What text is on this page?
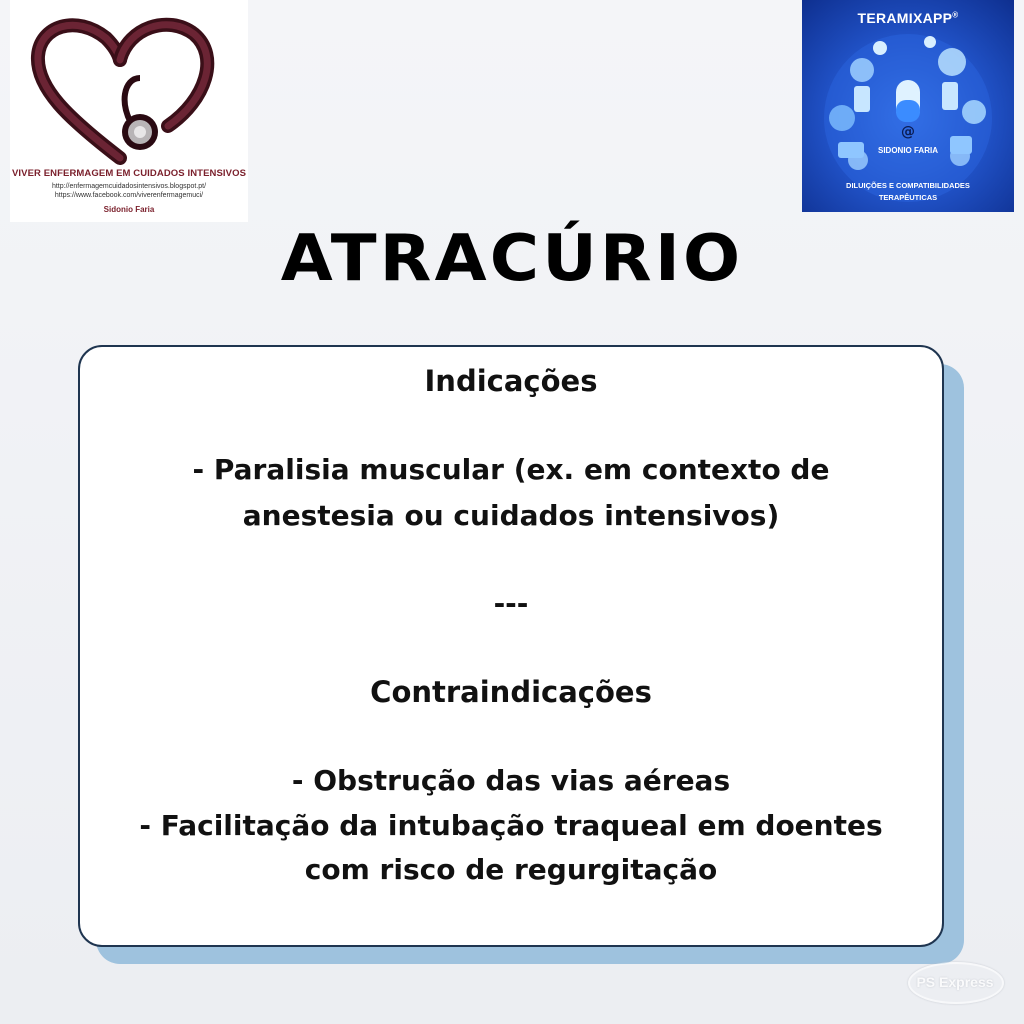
VIVER ENFERMAGEM EM CUIDADOS INTENSIVOS
http://enfermagemcuidadosintensivos.blogspot.pt/
https://www.facebook.com/viverenfermagemuci/
Sidonio Faria
TERAMIXAPP®
@
SIDONIO FARIA
DILUIÇÕES E COMPATIBILIDADES
TERAPÊUTICAS
ATRACÚRIO
Indicações
- Paralisia muscular (ex. em contexto de
anestesia ou cuidados intensivos)
---
Contraindicações
- Obstrução das vias aéreas
- Facilitação da intubação traqueal em doentes
com risco de regurgitação
PS Express
